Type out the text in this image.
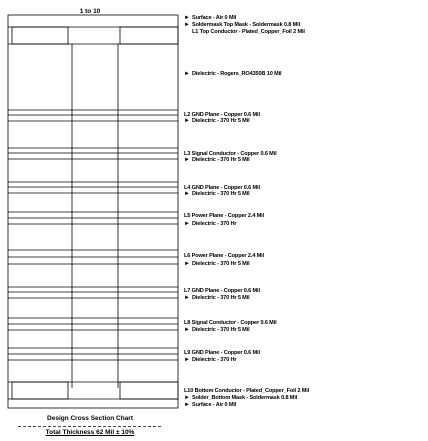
1 to 10
► Surface - Air 0 Mil
► Soldermask Top Mask - Soldermask 0.8 Mil
L1 Top Conductor - Plated_Copper_Foil 2 Mil
► Dielectric - Rogers_RO4350B 10 Mil
L2 GND Plane - Copper 0.6 Mil
► Dielectric - 370 Hr 5 Mil
L3 Signal Conductor - Copper 0.6 Mil
► Dielectric - 370 Hr 5 Mil
L4 GND Plane - Copper 0.6 Mil
► Dielectric - 370 Hr 5 Mil
L5 Power Plane - Copper 2.4 Mil
► Dielectric - 370 Hr
L6 Power Plane - Copper 2.4 Mil
► Dielectric - 370 Hr 5 Mil
L7 GND Plane - Copper 0.6 Mil
► Dielectric - 370 Hr 5 Mil
L8 Signal Conductor - Copper 0.6 Mil
► Dielectric - 370 Hr 5 Mil
L9 GND Plane - Copper 0.6 Mil
► Dielectric - 370 Hr
L10 Bottom Conductor - Plated_Copper_Foil 2 Mil
► Solder_Bottom Mask - Soldermask 0.8 Mil
► Surface - Air 0 Mil
Design Cross Section Chart
Total Thickness 62 Mil ± 10%
